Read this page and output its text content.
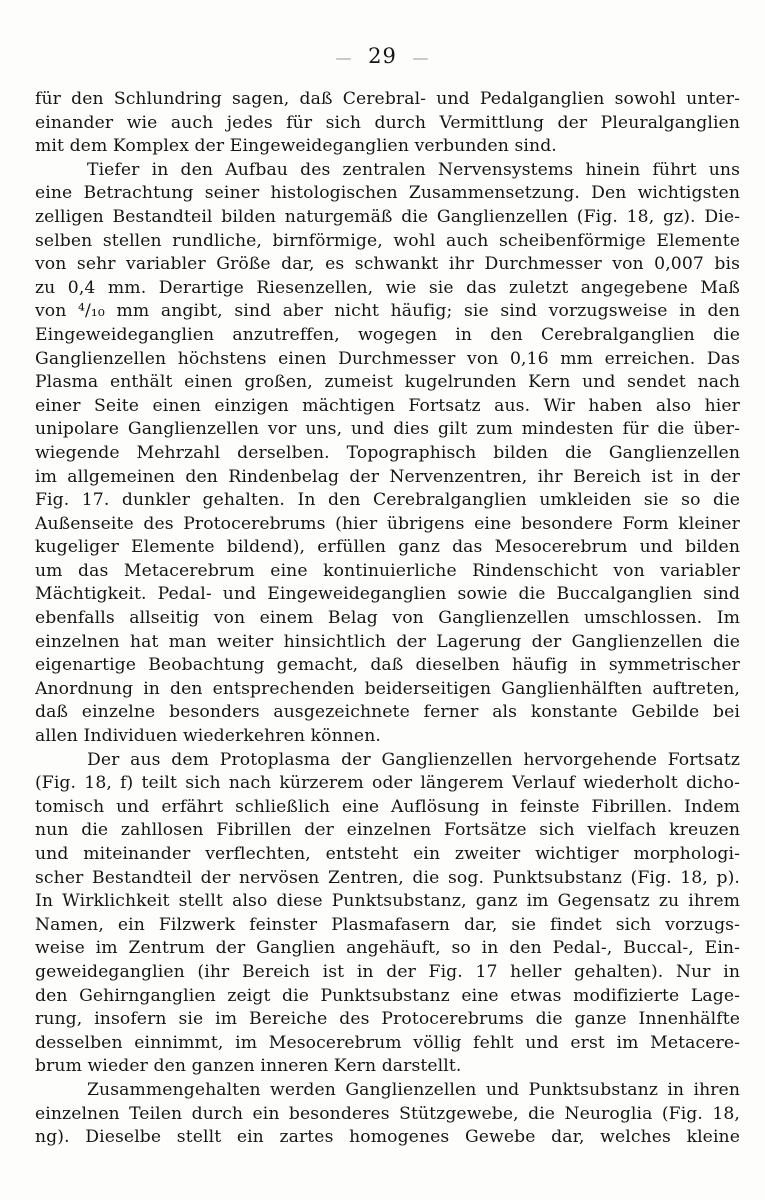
— 29 —
für den Schlundring sagen, daß Cerebral- und Pedalganglien sowohl unter-
einander wie auch jedes für sich durch Vermittlung der Pleuralganglien
mit dem Komplex der Eingeweideganglien verbunden sind.
Tiefer in den Aufbau des zentralen Nervensystems hinein führt uns
eine Betrachtung seiner histologischen Zusammensetzung. Den wichtigsten
zelligen Bestandteil bilden naturgemäß die Ganglienzellen (Fig. 18, gz). Die-
selben stellen rundliche, birnförmige, wohl auch scheibenförmige Elemente
von sehr variabler Größe dar, es schwankt ihr Durchmesser von 0,007 bis
zu 0,4 mm. Derartige Riesenzellen, wie sie das zuletzt angegebene Maß
von ⁴/₁₀ mm angibt, sind aber nicht häufig; sie sind vorzugsweise in den
Eingeweideganglien anzutreffen, wogegen in den Cerebralganglien die
Ganglienzellen höchstens einen Durchmesser von 0,16 mm erreichen. Das
Plasma enthält einen großen, zumeist kugelrunden Kern und sendet nach
einer Seite einen einzigen mächtigen Fortsatz aus. Wir haben also hier
unipolare Ganglienzellen vor uns, und dies gilt zum mindesten für die über-
wiegende Mehrzahl derselben. Topographisch bilden die Ganglienzellen
im allgemeinen den Rindenbelag der Nervenzentren, ihr Bereich ist in der
Fig. 17. dunkler gehalten. In den Cerebralganglien umkleiden sie so die
Außenseite des Protocerebrums (hier übrigens eine besondere Form kleiner
kugeliger Elemente bildend), erfüllen ganz das Mesocerebrum und bilden
um das Metacerebrum eine kontinuierliche Rindenschicht von variabler
Mächtigkeit. Pedal- und Eingeweideganglien sowie die Buccalganglien sind
ebenfalls allseitig von einem Belag von Ganglienzellen umschlossen. Im
einzelnen hat man weiter hinsichtlich der Lagerung der Ganglienzellen die
eigenartige Beobachtung gemacht, daß dieselben häufig in symmetrischer
Anordnung in den entsprechenden beiderseitigen Ganglienhälften auftreten,
daß einzelne besonders ausgezeichnete ferner als konstante Gebilde bei
allen Individuen wiederkehren können.
Der aus dem Protoplasma der Ganglienzellen hervorgehende Fortsatz
(Fig. 18, f) teilt sich nach kürzerem oder längerem Verlauf wiederholt dicho-
tomisch und erfährt schließlich eine Auflösung in feinste Fibrillen. Indem
nun die zahllosen Fibrillen der einzelnen Fortsätze sich vielfach kreuzen
und miteinander verflechten, entsteht ein zweiter wichtiger morphologi-
scher Bestandteil der nervösen Zentren, die sog. Punktsubstanz (Fig. 18, p).
In Wirklichkeit stellt also diese Punktsubstanz, ganz im Gegensatz zu ihrem
Namen, ein Filzwerk feinster Plasmafasern dar, sie findet sich vorzugs-
weise im Zentrum der Ganglien angehäuft, so in den Pedal-, Buccal-, Ein-
geweideganglien (ihr Bereich ist in der Fig. 17 heller gehalten). Nur in
den Gehirnganglien zeigt die Punktsubstanz eine etwas modifizierte Lage-
rung, insofern sie im Bereiche des Protocerebrums die ganze Innenhälfte
desselben einnimmt, im Mesocerebrum völlig fehlt und erst im Metacere-
brum wieder den ganzen inneren Kern darstellt.
Zusammengehalten werden Ganglienzellen und Punktsubstanz in ihren
einzelnen Teilen durch ein besonderes Stützgewebe, die Neuroglia (Fig. 18,
ng). Dieselbe stellt ein zartes homogenes Gewebe dar, welches kleine
